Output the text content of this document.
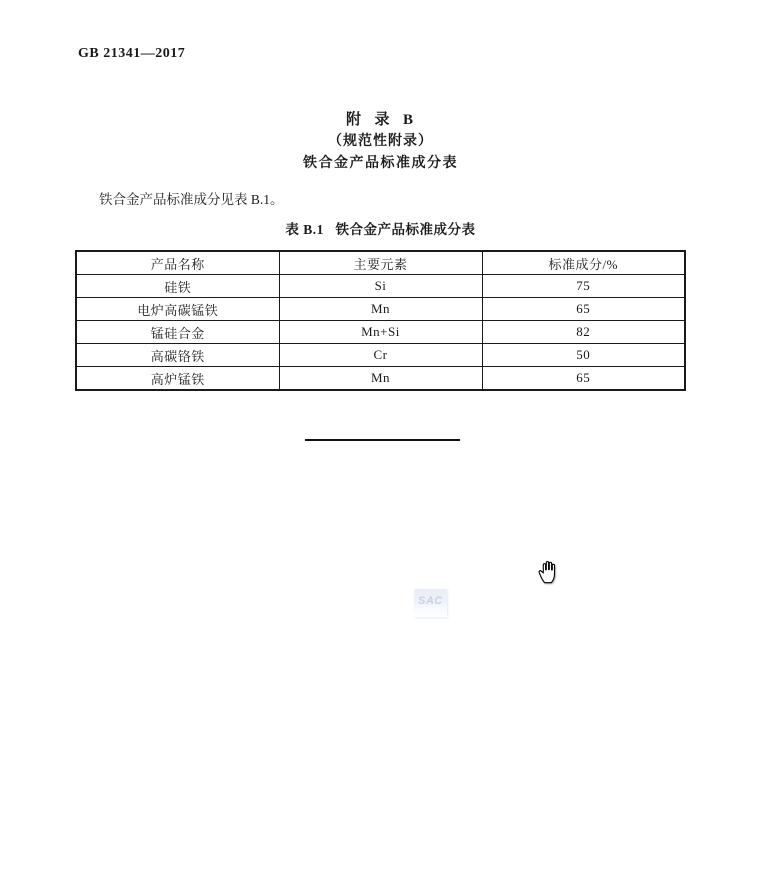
GB 21341—2017
附  录  B
（规范性附录）
铁合金产品标准成分表
铁合金产品标准成分见表 B.1。
表 B.1   铁合金产品标准成分表
产品名称	主要元素	标准成分/%
硅铁	Si	75
电炉高碳锰铁	Mn	65
锰硅合金	Mn+Si	82
高碳铬铁	Cr	50
高炉锰铁	Mn	65
SAC
